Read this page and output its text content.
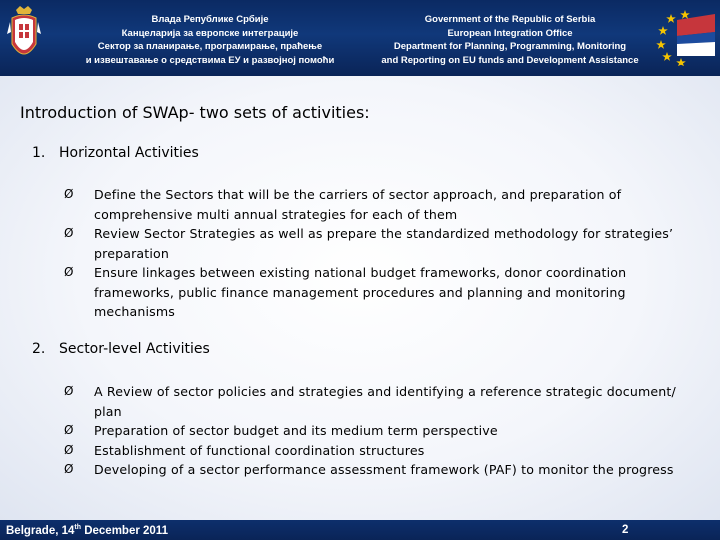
Влада Републике Србије
Канцеларија за европске интеграције
Сектор за планирање, програмирање, праћење
и извештавање о средствима ЕУ и развојној помоћи
Government of the Republic of Serbia
European Integration Office
Department for Planning, Programming, Monitoring
and Reporting on EU funds and Development Assistance
Introduction of SWAp- two sets of activities:
1. Horizontal Activities
Ø	Define the Sectors that will be the carriers of sector approach, and preparation of comprehensive multi annual strategies for each of them
Ø	Review Sector Strategies as well as prepare the standardized methodology for strategies’ preparation
Ø	Ensure linkages between existing national budget frameworks, donor coordination frameworks, public finance management procedures and planning and monitoring mechanisms
2. Sector-level Activities
Ø	A Review of sector policies and strategies and identifying a reference strategic document/ plan
Ø	Preparation of sector budget and its medium term perspective
Ø	Establishment of functional coordination structures
Ø	Developing of a sector performance assessment framework (PAF) to monitor the progress
Belgrade, 14th December 2011	2
